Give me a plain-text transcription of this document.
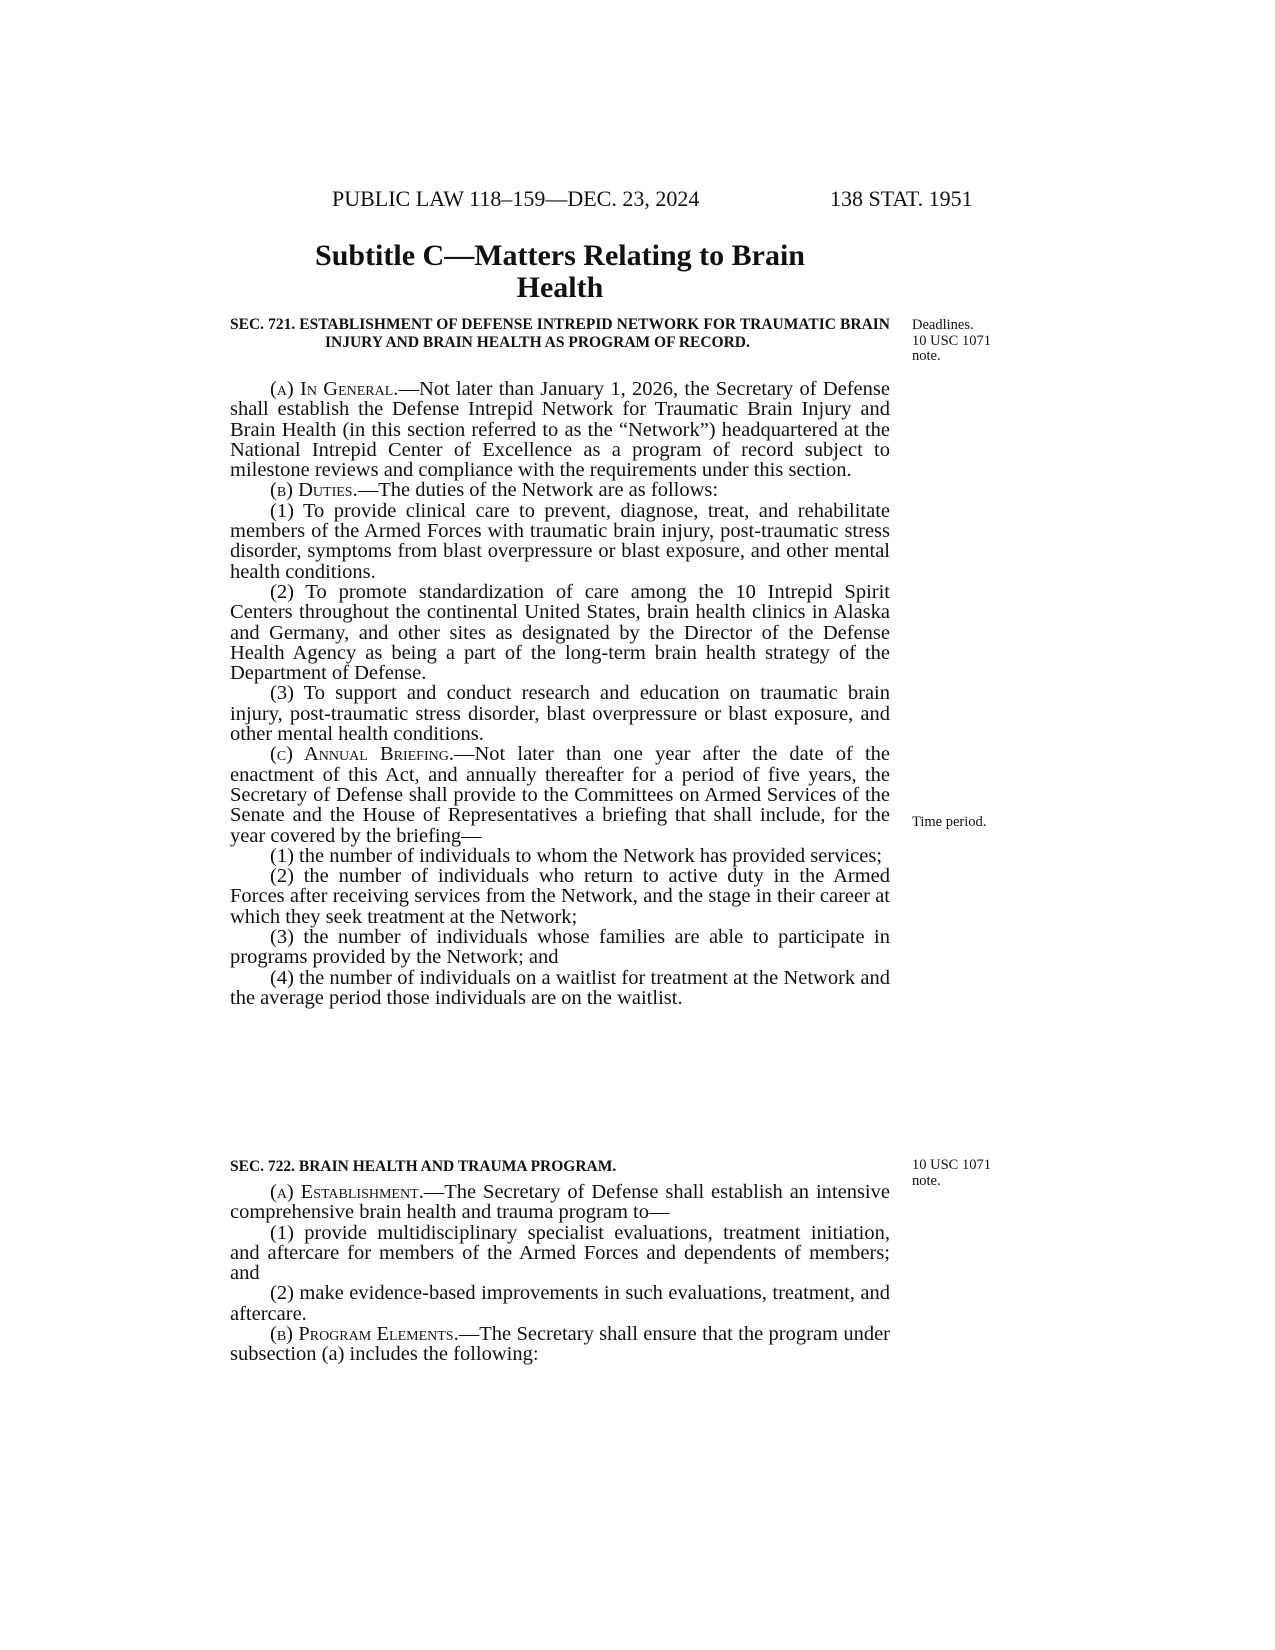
PUBLIC LAW 118–159—DEC. 23, 2024	138 STAT. 1951
Subtitle C—Matters Relating to Brain
Health

SEC. 721. ESTABLISHMENT OF DEFENSE INTREPID NETWORK FOR TRAUMATIC BRAIN INJURY AND BRAIN HEALTH AS PROGRAM OF RECORD.

(a) In General.—Not later than January 1, 2026, the Secretary of Defense shall establish the Defense Intrepid Network for Traumatic Brain Injury and Brain Health (in this section referred to as the “Network”) headquartered at the National Intrepid Center of Excellence as a program of record subject to milestone reviews and compliance with the requirements under this section.

(b) Duties.—The duties of the Network are as follows:

(1) To provide clinical care to prevent, diagnose, treat, and rehabilitate members of the Armed Forces with traumatic brain injury, post-traumatic stress disorder, symptoms from blast overpressure or blast exposure, and other mental health conditions.

(2) To promote standardization of care among the 10 Intrepid Spirit Centers throughout the continental United States, brain health clinics in Alaska and Germany, and other sites as designated by the Director of the Defense Health Agency as being a part of the long-term brain health strategy of the Department of Defense.

(3) To support and conduct research and education on traumatic brain injury, post-traumatic stress disorder, blast overpressure or blast exposure, and other mental health conditions.

(c) Annual Briefing.—Not later than one year after the date of the enactment of this Act, and annually thereafter for a period of five years, the Secretary of Defense shall provide to the Committees on Armed Services of the Senate and the House of Representatives a briefing that shall include, for the year covered by the briefing—

(1) the number of individuals to whom the Network has provided services;

(2) the number of individuals who return to active duty in the Armed Forces after receiving services from the Network, and the stage in their career at which they seek treatment at the Network;

(3) the number of individuals whose families are able to participate in programs provided by the Network; and

(4) the number of individuals on a waitlist for treatment at the Network and the average period those individuals are on the waitlist.

SEC. 722. BRAIN HEALTH AND TRAUMA PROGRAM.

(a) Establishment.—The Secretary of Defense shall establish an intensive comprehensive brain health and trauma program to—

(1) provide multidisciplinary specialist evaluations, treatment initiation, and aftercare for members of the Armed Forces and dependents of members; and

(2) make evidence-based improvements in such evaluations, treatment, and aftercare.

(b) Program Elements.—The Secretary shall ensure that the program under subsection (a) includes the following:

Deadlines.
10 USC 1071
note.
Time period.
10 USC 1071
note.
